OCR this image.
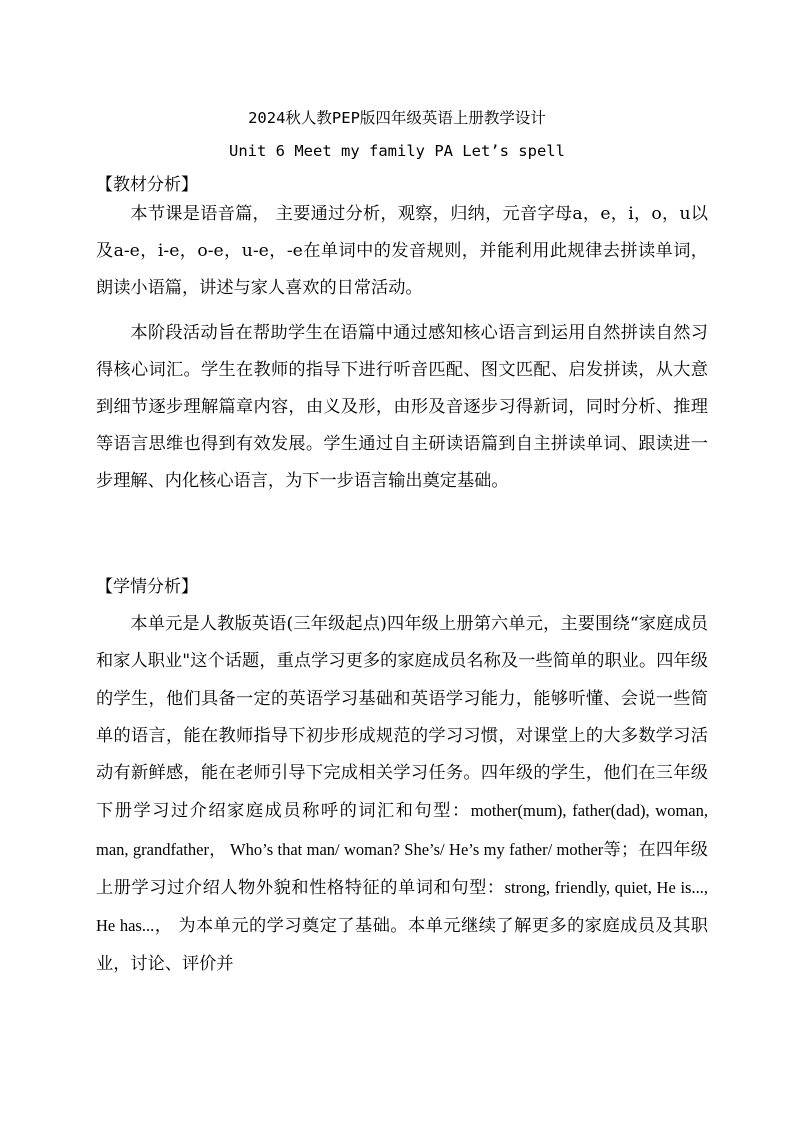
2024秋人教PEP版四年级英语上册教学设计
Unit 6 Meet my family PA Let’s spell
【教材分析】
本节课是语音篇， 主要通过分析，观察，归纳，元音字母a，e，i，o，u以及a-e，i-e，o-e，u-e，-e在单词中的发音规则，并能利用此规律去拼读单词，朗读小语篇，讲述与家人喜欢的日常活动。
本阶段活动旨在帮助学生在语篇中通过感知核心语言到运用自然拼读自然习得核心词汇。学生在教师的指导下进行听音匹配、图文匹配、启发拼读，从大意到细节逐步理解篇章内容，由义及形，由形及音逐步习得新词，同时分析、推理等语言思维也得到有效发展。学生通过自主研读语篇到自主拼读单词、跟读进一步理解、内化核心语言，为下一步语言输出奠定基础。
【学情分析】
本单元是人教版英语(三年级起点)四年级上册第六单元，主要围绕“家庭成员和家人职业"这个话题，重点学习更多的家庭成员名称及一些简单的职业。四年级的学生，他们具备一定的英语学习基础和英语学习能力，能够听懂、会说一些简单的语言，能在教师指导下初步形成规范的学习习惯，对课堂上的大多数学习活动有新鲜感，能在老师引导下完成相关学习任务。四年级的学生，他们在三年级下册学习过介绍家庭成员称呼的词汇和句型：mother(mum), father(dad), woman, man, grandfather， Who’s that man/ woman? She’s/ He’s my father/ mother等；在四年级上册学习过介绍人物外貌和性格特征的单词和句型：strong, friendly, quiet, He is..., He has...， 为本单元的学习奠定了基础。本单元继续了解更多的家庭成员及其职业，讨论、评价并
